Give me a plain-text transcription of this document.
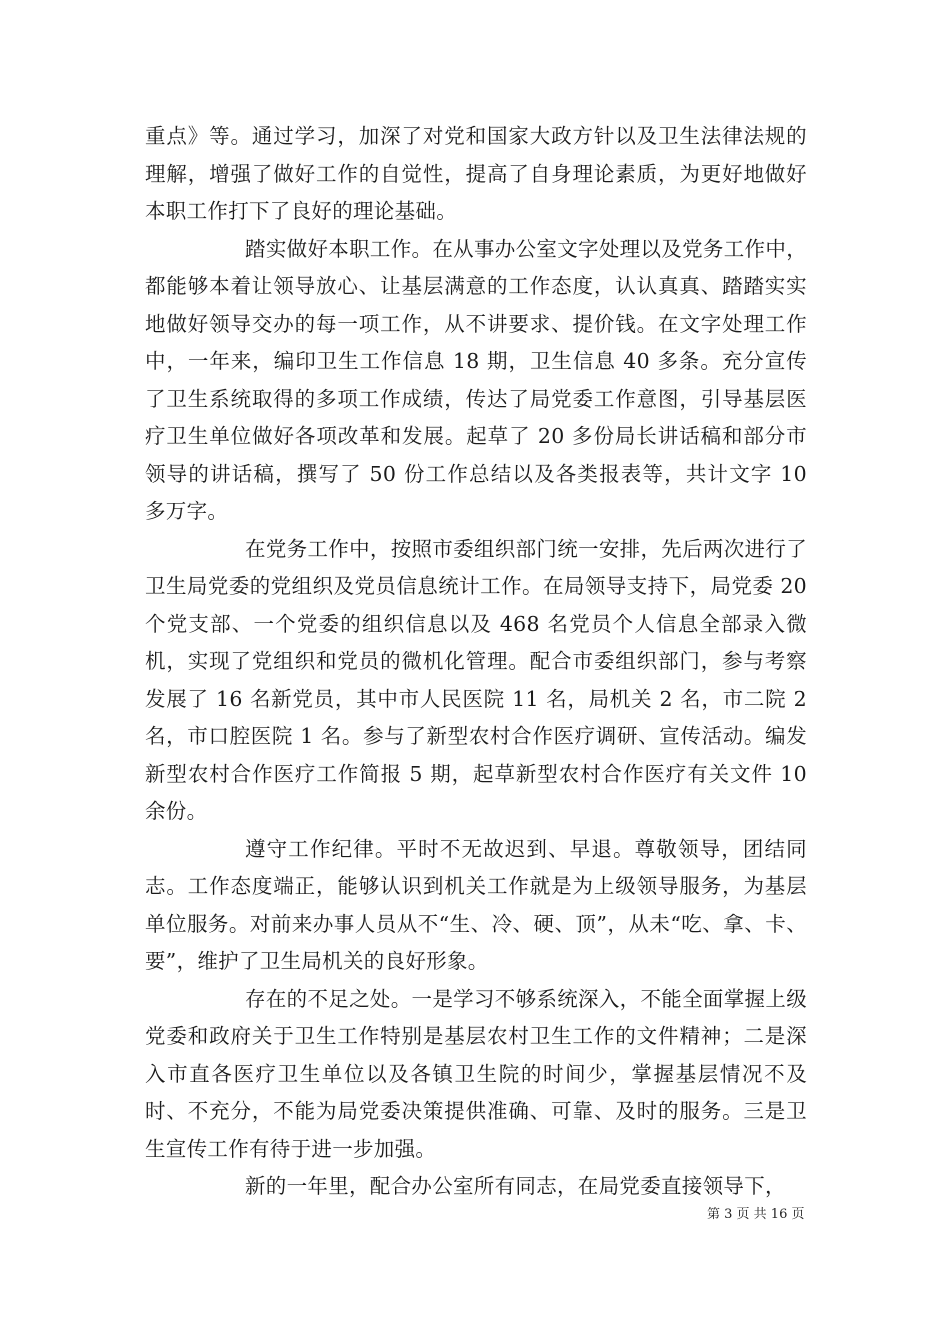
重点》等。通过学习，加深了对党和国家大政方针以及卫生法律法规的理解，增强了做好工作的自觉性，提高了自身理论素质，为更好地做好本职工作打下了良好的理论基础。

踏实做好本职工作。在从事办公室文字处理以及党务工作中，都能够本着让领导放心、让基层满意的工作态度，认认真真、踏踏实实地做好领导交办的每一项工作，从不讲要求、提价钱。在文字处理工作中，一年来，编印卫生工作信息 18 期，卫生信息 40 多条。充分宣传了卫生系统取得的多项工作成绩，传达了局党委工作意图，引导基层医疗卫生单位做好各项改革和发展。起草了 20 多份局长讲话稿和部分市领导的讲话稿，撰写了 50 份工作总结以及各类报表等，共计文字 10 多万字。

在党务工作中，按照市委组织部门统一安排，先后两次进行了卫生局党委的党组织及党员信息统计工作。在局领导支持下，局党委 20 个党支部、一个党委的组织信息以及 468 名党员个人信息全部录入微机，实现了党组织和党员的微机化管理。配合市委组织部门，参与考察发展了 16 名新党员，其中市人民医院 11 名，局机关 2 名，市二院 2 名，市口腔医院 1 名。参与了新型农村合作医疗调研、宣传活动。编发新型农村合作医疗工作简报 5 期，起草新型农村合作医疗有关文件 10 余份。

遵守工作纪律。平时不无故迟到、早退。尊敬领导，团结同志。工作态度端正，能够认识到机关工作就是为上级领导服务，为基层单位服务。对前来办事人员从不“生、冷、硬、顶”，从未“吃、拿、卡、要”，维护了卫生局机关的良好形象。

存在的不足之处。一是学习不够系统深入，不能全面掌握上级党委和政府关于卫生工作特别是基层农村卫生工作的文件精神；二是深入市直各医疗卫生单位以及各镇卫生院的时间少，掌握基层情况不及时、不充分，不能为局党委决策提供准确、可靠、及时的服务。三是卫生宣传工作有待于进一步加强。

新的一年里，配合办公室所有同志，在局党委直接领导下，

第 3 页 共 16 页
